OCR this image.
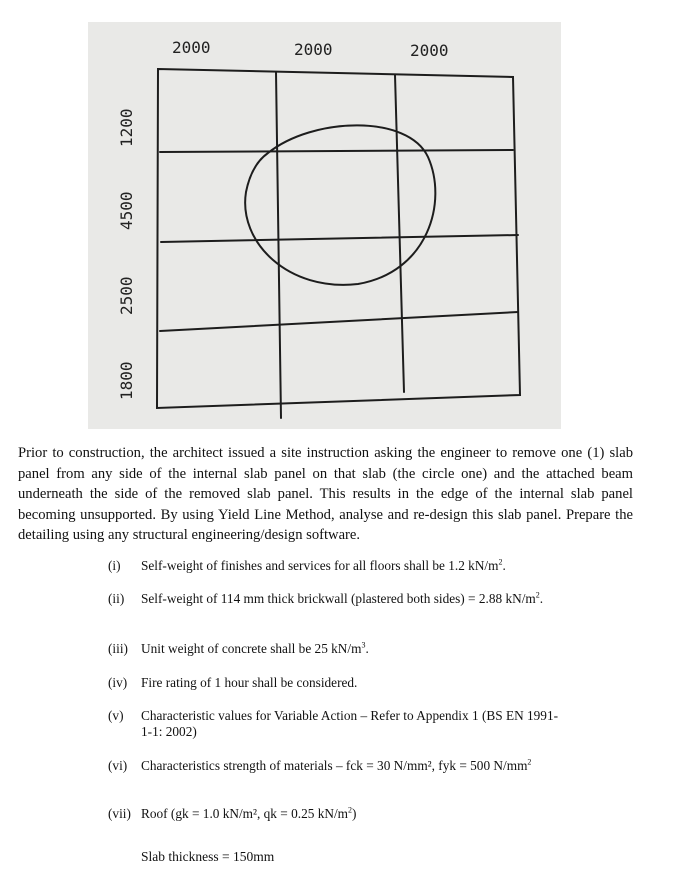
2000	2000	2000
1200
4500
2500
1800

Prior to construction, the architect issued a site instruction asking the engineer to remove one (1) slab panel from any side of the internal slab panel on that slab (the circle one) and the attached beam underneath the side of the removed slab panel. This results in the edge of the internal slab panel becoming unsupported. By using Yield Line Method, analyse and re-design this slab panel. Prepare the detailing using any structural engineering/design software.

(i) Self-weight of finishes and services for all floors shall be 1.2 $kN/m^2$.
(ii) Self-weight of 114 mm thick brickwall (plastered both sides) = 2.88 $kN/m^2$.
(iii) Unit weight of concrete shall be 25 $kN/m^3$.
(iv) Fire rating of 1 hour shall be considered.
(v) Characteristic values for Variable Action – Refer to Appendix 1 (BS EN 1991-1-1: 2002)
(vi) Characteristics strength of materials – fck = 30 N/mm², fyk = 500 $N/mm^2$
(vii) Roof (gk = 1.0 kN/m², qk = 0.25 $kN/m^2$)
Slab thickness = 150mm
